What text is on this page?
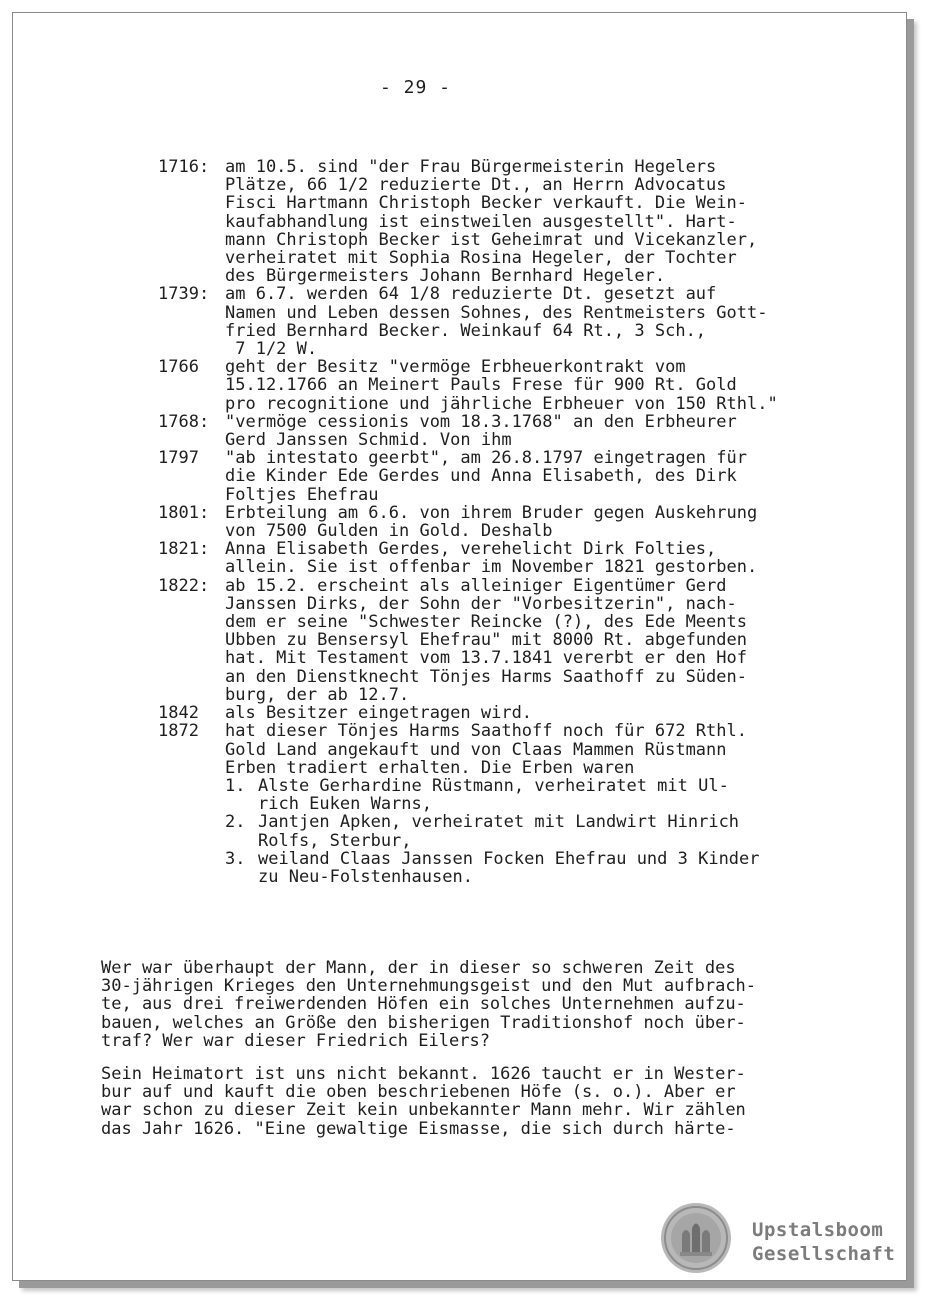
- 29 -
1716: am 10.5. sind "der Frau Bürgermeisterin Hegelers
Plätze, 66 1/2 reduzierte Dt., an Herrn Advocatus
Fisci Hartmann Christoph Becker verkauft. Die Wein-
kaufabhandlung ist einstweilen ausgestellt". Hart-
mann Christoph Becker ist Geheimrat und Vicekanzler,
verheiratet mit Sophia Rosina Hegeler, der Tochter
des Bürgermeisters Johann Bernhard Hegeler.
1739: am 6.7. werden 64 1/8 reduzierte Dt. gesetzt auf
Namen und Leben dessen Sohnes, des Rentmeisters Gott-
fried Bernhard Becker. Weinkauf 64 Rt., 3 Sch.,
7 1/2 W.
1766	geht der Besitz "vermöge Erbheuerkontrakt vom
15.12.1766 an Meinert Pauls Frese für 900 Rt. Gold
pro recognitione und jährliche Erbheuer von 150 Rthl."
1768: "vermöge cessionis vom 18.3.1768" an den Erbheurer
Gerd Janssen Schmid. Von ihm
1797	"ab intestato geerbt", am 26.8.1797 eingetragen für
die Kinder Ede Gerdes und Anna Elisabeth, des Dirk
Foltjes Ehefrau
1801: Erbteilung am 6.6. von ihrem Bruder gegen Auskehrung
von 7500 Gulden in Gold. Deshalb
1821: Anna Elisabeth Gerdes, verehelicht Dirk Folties,
allein. Sie ist offenbar im November 1821 gestorben.
1822: ab 15.2. erscheint als alleiniger Eigentümer Gerd
Janssen Dirks, der Sohn der "Vorbesitzerin", nach-
dem er seine "Schwester Reincke (?), des Ede Meents
Ubben zu Bensersyl Ehefrau" mit 8000 Rt. abgefunden
hat. Mit Testament vom 13.7.1841 vererbt er den Hof
an den Dienstknecht Tönjes Harms Saathoff zu Süden-
burg, der ab 12.7.
1842	als Besitzer eingetragen wird.
1872	hat dieser Tönjes Harms Saathoff noch für 672 Rthl.
Gold Land angekauft und von Claas Mammen Rüstmann
Erben tradiert erhalten. Die Erben waren
1. Alste Gerhardine Rüstmann, verheiratet mit Ul-
rich Euken Warns,
2. Jantjen Apken, verheiratet mit Landwirt Hinrich
Rolfs, Sterbur,
3. weiland Claas Janssen Focken Ehefrau und 3 Kinder
zu Neu-Folstenhausen.
Wer war überhaupt der Mann, der in dieser so schweren Zeit des
30-jährigen Krieges den Unternehmungsgeist und den Mut aufbrach-
te, aus drei freiwerdenden Höfen ein solches Unternehmen aufzu-
bauen, welches an Größe den bisherigen Traditionshof noch über-
traf? Wer war dieser Friedrich Eilers?
Sein Heimatort ist uns nicht bekannt. 1626 taucht er in Wester-
bur auf und kauft die oben beschriebenen Höfe (s. o.). Aber er
war schon zu dieser Zeit kein unbekannter Mann mehr. Wir zählen
das Jahr 1626. "Eine gewaltige Eismasse, die sich durch härte-
Upstalsboom
Gesellschaft
